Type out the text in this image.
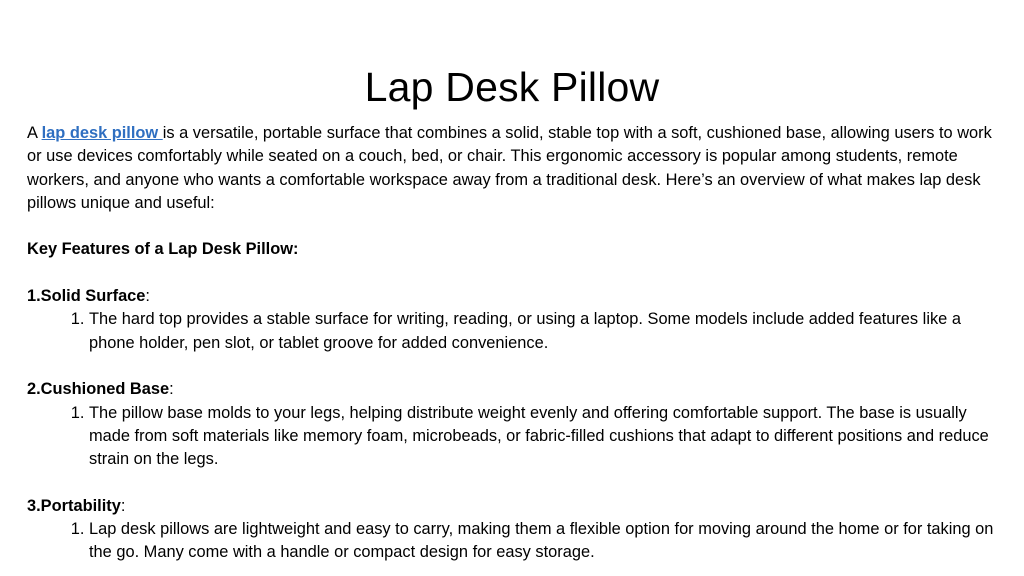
Lap Desk Pillow

A lap desk pillow is a versatile, portable surface that combines a solid, stable top with a soft, cushioned base, allowing users to work or use devices comfortably while seated on a couch, bed, or chair. This ergonomic accessory is popular among students, remote workers, and anyone who wants a comfortable workspace away from a traditional desk. Here’s an overview of what makes lap desk pillows unique and useful:

Key Features of a Lap Desk Pillow:

1.Solid Surface:

1. The hard top provides a stable surface for writing, reading, or using a laptop. Some models include added features like a phone holder, pen slot, or tablet groove for added convenience.

2.Cushioned Base:

1. The pillow base molds to your legs, helping distribute weight evenly and offering comfortable support. The base is usually made from soft materials like memory foam, microbeads, or fabric-filled cushions that adapt to different positions and reduce strain on the legs.

3.Portability:

1. Lap desk pillows are lightweight and easy to carry, making them a flexible option for moving around the home or for taking on the go. Many come with a handle or compact design for easy storage.
